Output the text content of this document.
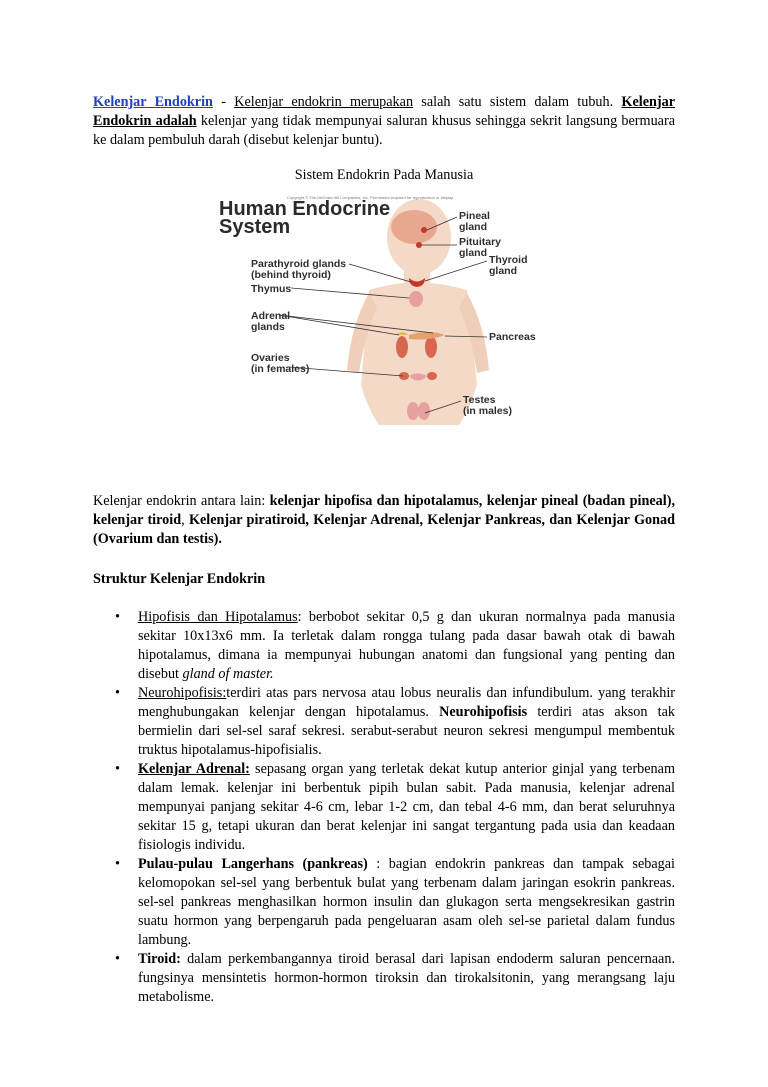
Kelenjar Endokrin - Kelenjar endokrin merupakan salah satu sistem dalam tubuh. Kelenjar Endokrin adalah kelenjar yang tidak mempunyai saluran khusus sehingga sekrit langsung bermuara ke dalam pembuluh darah (disebut kelenjar buntu).

Sistem Endokrin Pada Manusia
Human Endocrine
System
Copyright © The McGraw-Hill Companies, Inc. Permission required for reproduction or display.
Pineal
gland
Pituitary
gland
Thyroid
gland
Parathyroid glands
(behind thyroid)
Thymus
Adrenal
glands
Pancreas
Ovaries
(in females)
Testes
(in males)

Kelenjar endokrin antara lain: kelenjar hipofisa dan hipotalamus, kelenjar pineal (badan pineal), kelenjar tiroid, Kelenjar piratiroid, Kelenjar Adrenal, Kelenjar Pankreas, dan Kelenjar Gonad (Ovarium dan testis).

Struktur Kelenjar Endokrin
• Hipofisis dan Hipotalamus: berbobot sekitar 0,5 g dan ukuran normalnya pada manusia sekitar 10x13x6 mm. Ia terletak dalam rongga tulang pada dasar bawah otak di bawah hipotalamus, dimana ia mempunyai hubungan anatomi dan fungsional yang penting dan disebut gland of master.
• Neurohipofisis:terdiri atas pars nervosa atau lobus neuralis dan infundibulum. yang terakhir menghubungakan kelenjar dengan hipotalamus. Neurohipofisis terdiri atas akson tak bermielin dari sel-sel saraf sekresi. serabut-serabut neuron sekresi mengumpul membentuk truktus hipotalamus-hipofisialis.
• Kelenjar Adrenal: sepasang organ yang terletak dekat kutup anterior ginjal yang terbenam dalam lemak. kelenjar ini berbentuk pipih bulan sabit. Pada manusia, kelenjar adrenal mempunyai panjang sekitar 4-6 cm, lebar 1-2 cm, dan tebal 4-6 mm, dan berat seluruhnya sekitar 15 g, tetapi ukuran dan berat kelenjar ini sangat tergantung pada usia dan keadaan fisiologis individu.
• Pulau-pulau Langerhans (pankreas) : bagian endokrin pankreas dan tampak sebagai kelomopokan sel-sel yang berbentuk bulat yang terbenam dalam jaringan esokrin pankreas. sel-sel pankreas menghasilkan hormon insulin dan glukagon serta mengsekresikan gastrin suatu hormon yang berpengaruh pada pengeluaran asam oleh sel-se parietal dalam fundus lambung.
• Tiroid: dalam perkembangannya tiroid berasal dari lapisan endoderm saluran pencernaan. fungsinya mensintetis hormon-hormon tiroksin dan tirokalsitonin, yang merangsang laju metabolisme.
